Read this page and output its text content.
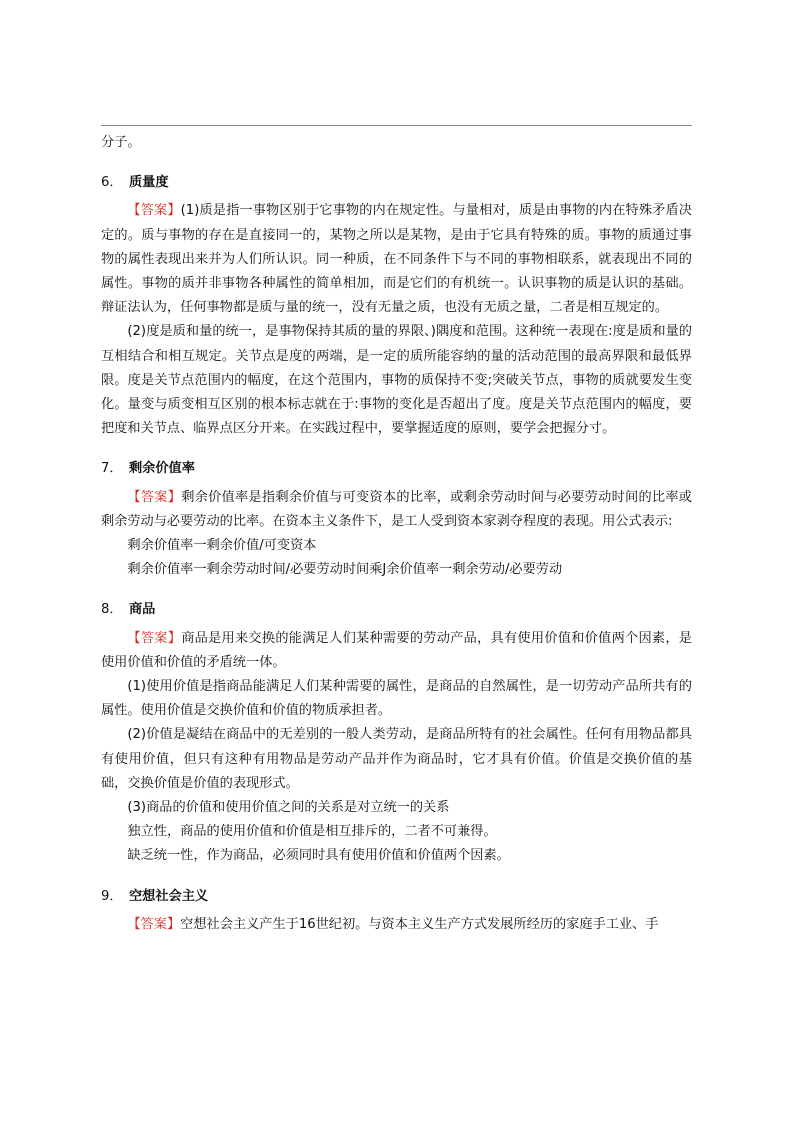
分子。

6． 质量度

【答案】(1)质是指一事物区别于它事物的内在规定性。与量相对，质是由事物的内在特殊矛盾决定的。质与事物的存在是直接同一的，某物之所以是某物，是由于它具有特殊的质。事物的质通过事物的属性表现出来并为人们所认识。同一种质，在不同条件下与不同的事物相联系，就表现出不同的属性。事物的质并非事物各种属性的简单相加，而是它们的有机统一。认识事物的质是认识的基础。辩证法认为，任何事物都是质与量的统一，没有无量之质，也没有无质之量，二者是相互规定的。

(2)度是质和量的统一，是事物保持其质的量的界限、)隅度和范围。这种统一表现在:度是质和量的互相结合和相互规定。关节点是度的两端，是一定的质所能容纳的量的活动范围的最高界限和最低界限。度是关节点范围内的幅度，在这个范围内，事物的质保持不变;突破关节点，事物的质就要发生变化。量变与质变相互区别的根本标志就在于:事物的变化是否超出了度。度是关节点范围内的幅度，要把度和关节点、临界点区分开来。在实践过程中，要掌握适度的原则，要学会把握分寸。

7． 剩余价值率

【答案】剩余价值率是指剩余价值与可变资本的比率，或剩余劳动时间与必要劳动时间的比率或剩余劳动与必要劳动的比率。在资本主义条件下，是工人受到资本家剥夺程度的表现。用公式表示:

剩余价值率一剩余价值/可变资本

剩余价值率一剩余劳动时间/必要劳动时间乘J余价值率一剩余劳动/必要劳动

8． 商品

【答案】商品是用来交换的能满足人们某种需要的劳动产品，具有使用价值和价值两个因素，是使用价值和价值的矛盾统一体。

(1)使用价值是指商品能满足人们某种需要的属性，是商品的自然属性，是一切劳动产品所共有的属性。使用价值是交换价值和价值的物质承担者。

(2)价值是凝结在商品中的无差别的一般人类劳动，是商品所特有的社会属性。任何有用物品都具有使用价值，但只有这种有用物品是劳动产品并作为商品时，它才具有价值。价值是交换价值的基础，交换价值是价值的表现形式。

(3)商品的价值和使用价值之间的关系是对立统一的关系

独立性，商品的使用价值和价值是相互排斥的，二者不可兼得。

缺乏统一性，作为商品，必须同时具有使用价值和价值两个因素。

9． 空想社会主义

【答案】空想社会主义产生于16世纪初。与资本主义生产方式发展所经历的家庭手工业、手
